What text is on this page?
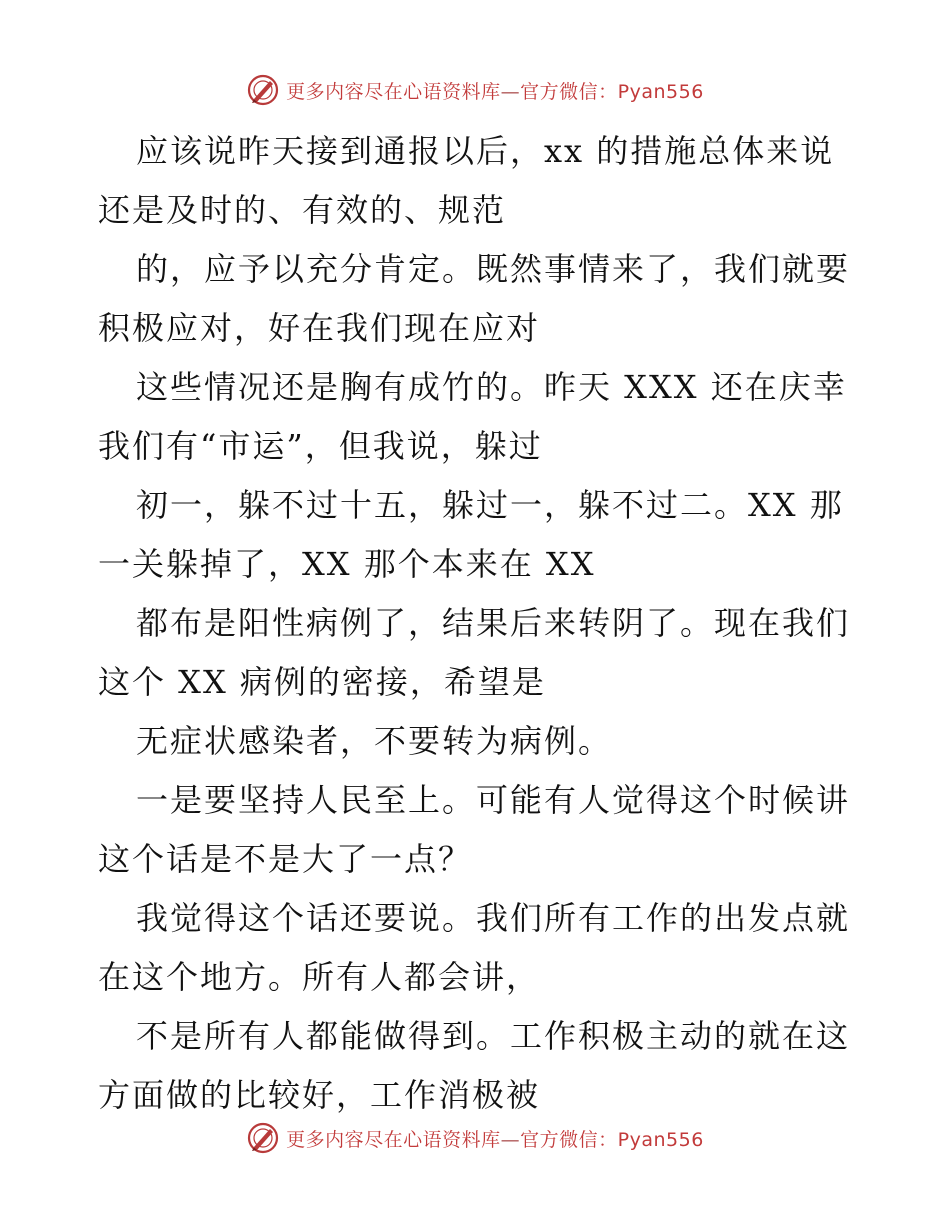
更多内容尽在心语资料库—官方微信：Pyan556
应该说昨天接到通报以后，xx 的措施总体来说
还是及时的、有效的、规范
的，应予以充分肯定。既然事情来了，我们就要
积极应对，好在我们现在应对
这些情况还是胸有成竹的。昨天 XXX 还在庆幸
我们有“市运”，但我说，躲过
初一，躲不过十五，躲过一，躲不过二。XX 那
一关躲掉了，XX 那个本来在 XX
都布是阳性病例了，结果后来转阴了。现在我们
这个 XX 病例的密接，希望是
无症状感染者，不要转为病例。
一是要坚持人民至上。可能有人觉得这个时候讲
这个话是不是大了一点？
我觉得这个话还要说。我们所有工作的出发点就
在这个地方。所有人都会讲，
不是所有人都能做得到。工作积极主动的就在这
方面做的比较好，工作消极被
更多内容尽在心语资料库—官方微信：Pyan556
